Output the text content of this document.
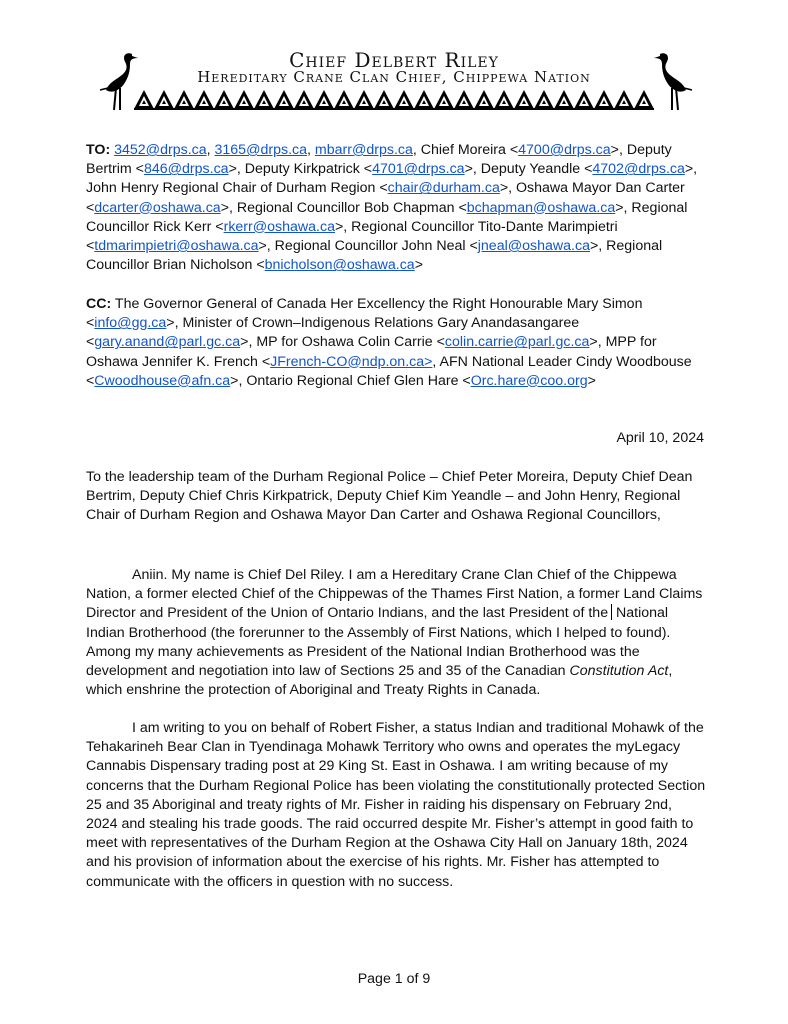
Chief Delbert Riley
Hereditary Crane Clan Chief, Chippewa Nation
TO: 3452@drps.ca, 3165@drps.ca, mbarr@drps.ca, Chief Moreira <4700@drps.ca>, Deputy Bertrim <846@drps.ca>, Deputy Kirkpatrick <4701@drps.ca>, Deputy Yeandle <4702@drps.ca>, John Henry Regional Chair of Durham Region <chair@durham.ca>, Oshawa Mayor Dan Carter <dcarter@oshawa.ca>, Regional Councillor Bob Chapman <bchapman@oshawa.ca>, Regional Councillor Rick Kerr <rkerr@oshawa.ca>, Regional Councillor Tito-Dante Marimpietri <tdmarimpietri@oshawa.ca>, Regional Councillor John Neal <jneal@oshawa.ca>, Regional Councillor Brian Nicholson <bnicholson@oshawa.ca>
CC: The Governor General of Canada Her Excellency the Right Honourable Mary Simon <info@gg.ca>, Minister of Crown–Indigenous Relations Gary Anandasangaree <gary.anand@parl.gc.ca>, MP for Oshawa Colin Carrie <colin.carrie@parl.gc.ca>, MPP for Oshawa Jennifer K. French <JFrench-CO@ndp.on.ca>, AFN National Leader Cindy Woodbouse <Cwoodhouse@afn.ca>, Ontario Regional Chief Glen Hare <Orc.hare@coo.org>
April 10, 2024
To the leadership team of the Durham Regional Police – Chief Peter Moreira, Deputy Chief Dean Bertrim, Deputy Chief Chris Kirkpatrick, Deputy Chief Kim Yeandle – and John Henry, Regional Chair of Durham Region and Oshawa Mayor Dan Carter and Oshawa Regional Councillors,
Aniin. My name is Chief Del Riley. I am a Hereditary Crane Clan Chief of the Chippewa Nation, a former elected Chief of the Chippewas of the Thames First Nation, a former Land Claims Director and President of the Union of Ontario Indians, and the last President of the National Indian Brotherhood (the forerunner to the Assembly of First Nations, which I helped to found). Among my many achievements as President of the National Indian Brotherhood was the development and negotiation into law of Sections 25 and 35 of the Canadian Constitution Act, which enshrine the protection of Aboriginal and Treaty Rights in Canada.
I am writing to you on behalf of Robert Fisher, a status Indian and traditional Mohawk of the Tehakarineh Bear Clan in Tyendinaga Mohawk Territory who owns and operates the myLegacy Cannabis Dispensary trading post at 29 King St. East in Oshawa. I am writing because of my concerns that the Durham Regional Police has been violating the constitutionally protected Section 25 and 35 Aboriginal and treaty rights of Mr. Fisher in raiding his dispensary on February 2nd, 2024 and stealing his trade goods. The raid occurred despite Mr. Fisher’s attempt in good faith to meet with representatives of the Durham Region at the Oshawa City Hall on January 18th, 2024 and his provision of information about the exercise of his rights. Mr. Fisher has attempted to communicate with the officers in question with no success.
Page 1 of 9
